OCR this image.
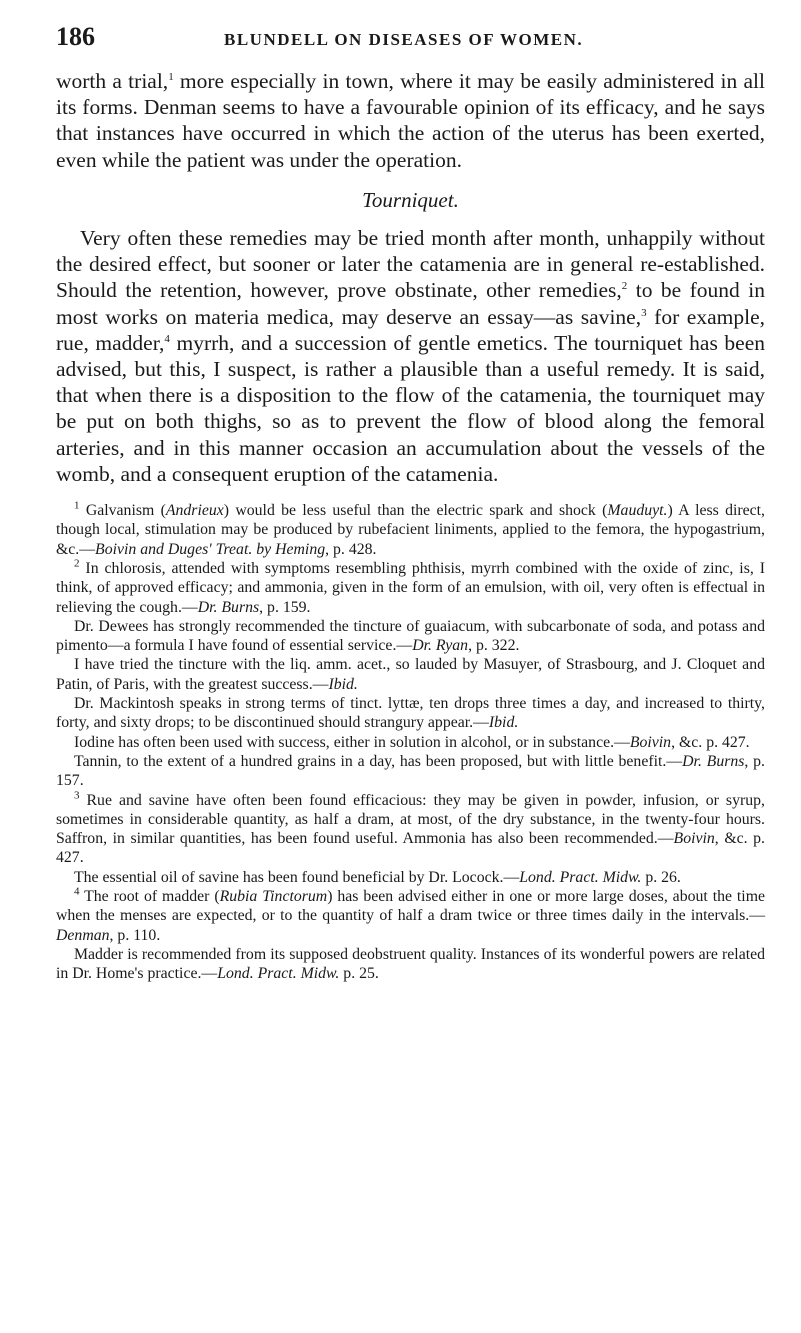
186	BLUNDELL ON DISEASES OF WOMEN.

worth a trial,$^1$ more especially in town, where it may be easily administered in all its forms. Denman seems to have a favourable opinion of its efficacy, and he says that instances have occurred in which the action of the uterus has been exerted, even while the patient was under the operation.

Tourniquet.

Very often these remedies may be tried month after month, unhappily without the desired effect, but sooner or later the catamenia are in general re-established. Should the retention, however, prove obstinate, other remedies,$^2$ to be found in most works on materia medica, may deserve an essay—as savine,$^3$ for example, rue, madder,$^4$ myrrh, and a succession of gentle emetics. The tourniquet has been advised, but this, I suspect, is rather a plausible than a useful remedy. It is said, that when there is a disposition to the flow of the catamenia, the tourniquet may be put on both thighs, so as to prevent the flow of blood along the femoral arteries, and in this manner occasion an accumulation about the vessels of the womb, and a consequent eruption of the catamenia.

$^1$ Galvanism (Andrieux) would be less useful than the electric spark and shock (Mauduyt.) A less direct, though local, stimulation may be produced by rubefacient liniments, applied to the femora, the hypogastrium, &c.—Boivin and Duges' Treat. by Heming, p. 428.

$^2$ In chlorosis, attended with symptoms resembling phthisis, myrrh combined with the oxide of zinc, is, I think, of approved efficacy; and ammonia, given in the form of an emulsion, with oil, very often is effectual in relieving the cough.—Dr. Burns, p. 159.

Dr. Dewees has strongly recommended the tincture of guaiacum, with subcarbonate of soda, and potass and pimento—a formula I have found of essential service.—Dr. Ryan, p. 322.

I have tried the tincture with the liq. amm. acet., so lauded by Masuyer, of Strasbourg, and J. Cloquet and Patin, of Paris, with the greatest success.—Ibid.

Dr. Mackintosh speaks in strong terms of tinct. lyttæ, ten drops three times a day, and increased to thirty, forty, and sixty drops; to be discontinued should strangury appear.—Ibid.

Iodine has often been used with success, either in solution in alcohol, or in substance.—Boivin, &c. p. 427.

Tannin, to the extent of a hundred grains in a day, has been proposed, but with little benefit.—Dr. Burns, p. 157.

$^3$ Rue and savine have often been found efficacious: they may be given in powder, infusion, or syrup, sometimes in considerable quantity, as half a dram, at most, of the dry substance, in the twenty-four hours. Saffron, in similar quantities, has been found useful. Ammonia has also been recommended.—Boivin, &c. p. 427.

The essential oil of savine has been found beneficial by Dr. Locock.—Lond. Pract. Midw. p. 26.

$^4$ The root of madder (Rubia Tinctorum) has been advised either in one or more large doses, about the time when the menses are expected, or to the quantity of half a dram twice or three times daily in the intervals.—Denman, p. 110.

Madder is recommended from its supposed deobstruent quality. Instances of its wonderful powers are related in Dr. Home's practice.—Lond. Pract. Midw. p. 25.
